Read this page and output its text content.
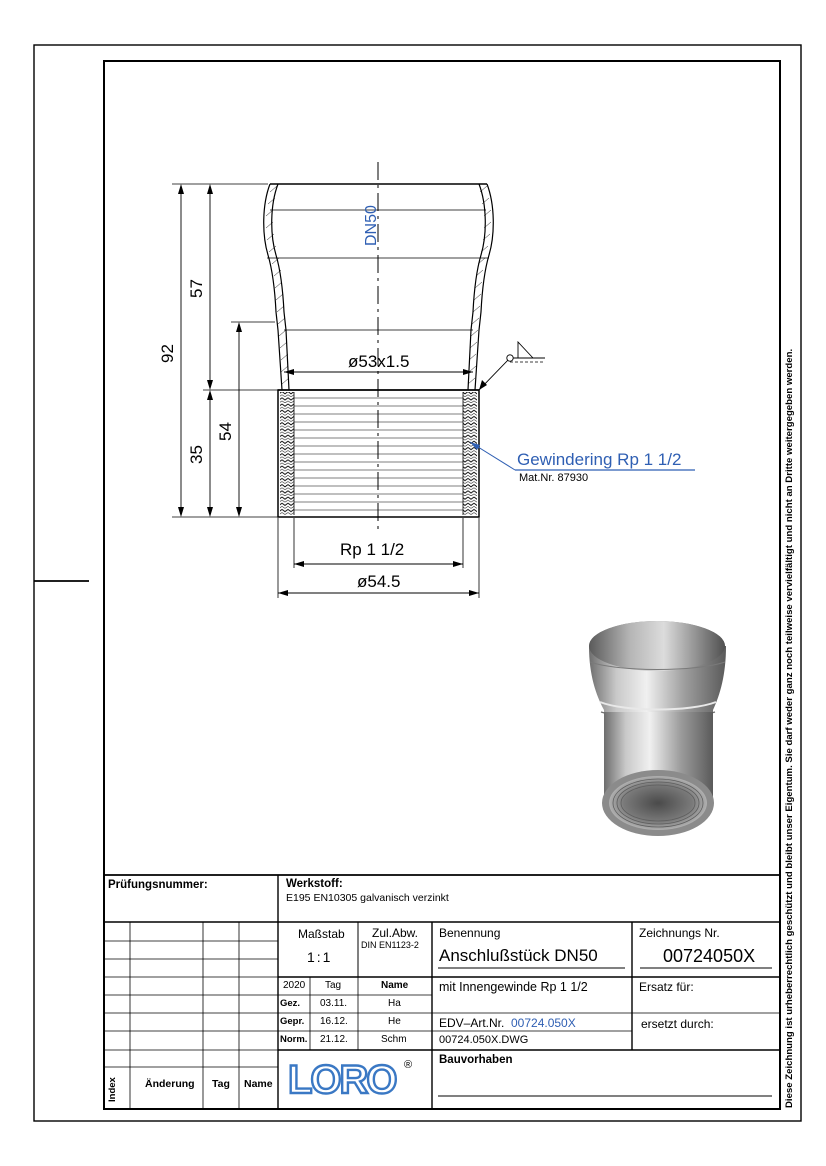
LORO ®
DN50
57
92
54
35
ø53x1.5
Rp 1 1/2
ø54.5
Gewindering Rp 1 1/2
Mat.Nr. 87930	Diese Zeichnung ist urheberrechtlich geschützt und bleibt unser Eigentum. Sie darf weder ganz noch teilweise vervielfältigt und nicht an Dritte weitergegeben werden.
Prüfungsnummer:	Werkstoff:
E195 EN10305 galvanisch verzinkt
Maßstab
1:1
Zul.Abw.
DIN EN1123-2
Benennung
Anschlußstück DN50
Zeichnungs Nr.
00724050X
2020 Tag	Name
Gez. 03.11.	Ha
Gepr. 16.12.	He
Norm. 21.12.	Schm
mit Innengewinde Rp 1 1/2	Ersatz für:
EDV–Art.Nr. 00724.050X	ersetzt durch:
00724.050X.DWG
Bauvorhaben
Index	Änderung Tag Name
